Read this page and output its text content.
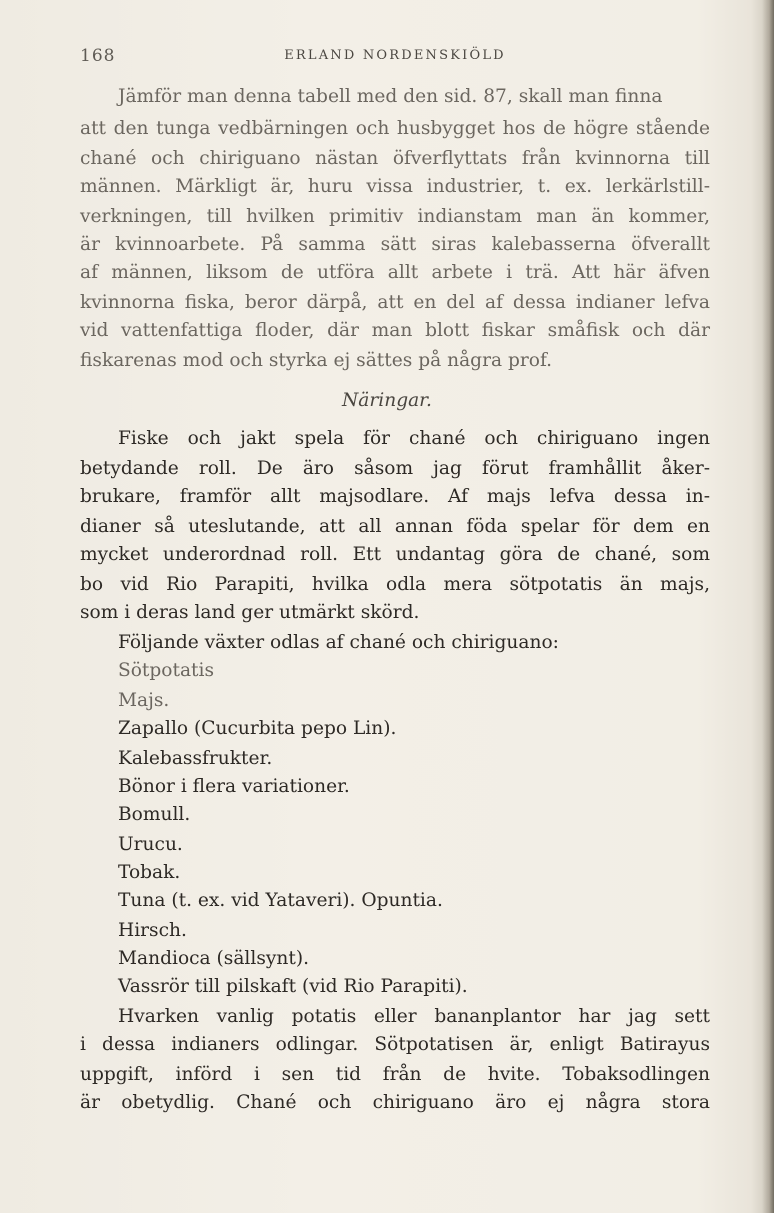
168	ERLAND NORDENSKIÖLD
Jämför man denna tabell med den sid. 87, skall man finna
att den tunga vedbärningen och husbygget hos de högre stående
chané och chiriguano nästan öfverflyttats från kvinnorna till
männen. Märkligt är, huru vissa industrier, t. ex. lerkärlstill-
verkningen, till hvilken primitiv indianstam man än kommer,
är kvinnoarbete. På samma sätt siras kalebasserna öfverallt
af männen, liksom de utföra allt arbete i trä. Att här äfven
kvinnorna fiska, beror därpå, att en del af dessa indianer lefva
vid vattenfattiga floder, där man blott fiskar småfisk och där
fiskarenas mod och styrka ej sättes på några prof.
Näringar.
Fiske och jakt spela för chané och chiriguano ingen
betydande roll. De äro såsom jag förut framhållit åker-
brukare, framför allt majsodlare. Af majs lefva dessa in-
dianer så uteslutande, att all annan föda spelar för dem en
mycket underordnad roll. Ett undantag göra de chané, som
bo vid Rio Parapiti, hvilka odla mera sötpotatis än majs,
som i deras land ger utmärkt skörd.
Följande växter odlas af chané och chiriguano:
Sötpotatis
Majs.
Zapallo (Cucurbita pepo Lin).
Kalebassfrukter.
Bönor i flera variationer.
Bomull.
Urucu.
Tobak.
Tuna (t. ex. vid Yataveri). Opuntia.
Hirsch.
Mandioca (sällsynt).
Vassrör till pilskaft (vid Rio Parapiti).
Hvarken vanlig potatis eller bananplantor har jag sett
i dessa indianers odlingar. Sötpotatisen är, enligt Batirayus
uppgift, införd i sen tid från de hvite. Tobaksodlingen
är obetydlig. Chané och chiriguano äro ej några stora
